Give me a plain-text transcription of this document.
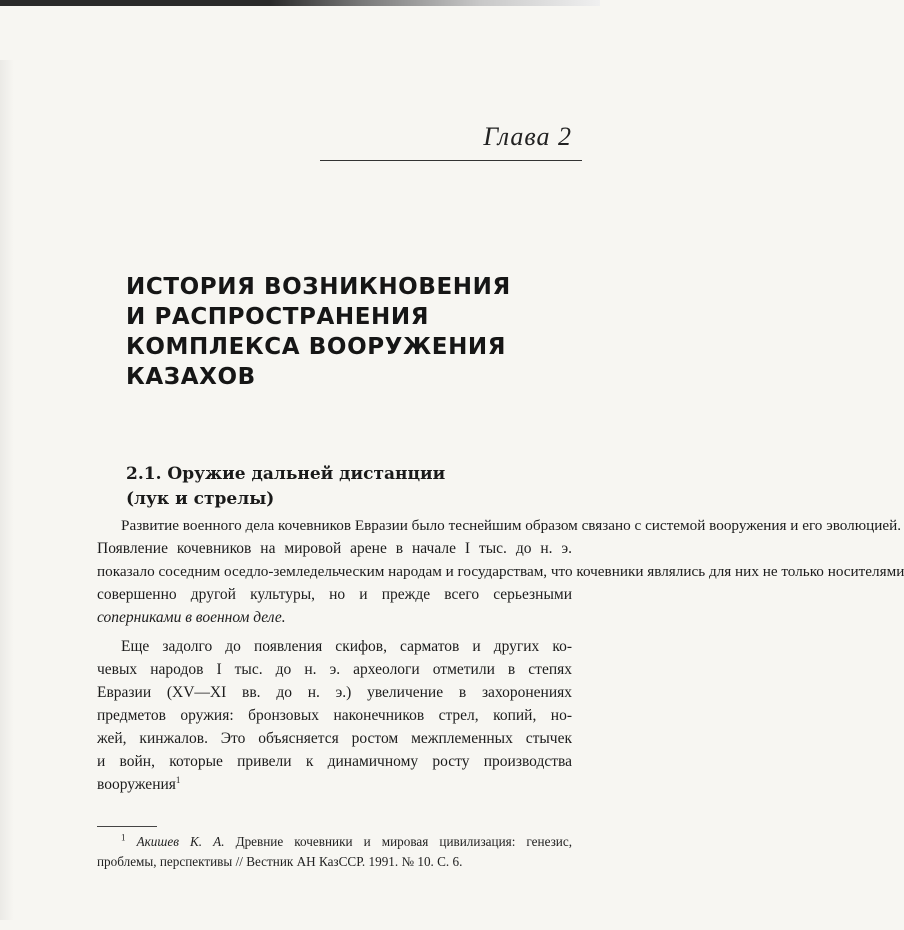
Глава 2
ИСТОРИЯ ВОЗНИКНОВЕНИЯ
И РАСПРОСТРАНЕНИЯ
КОМПЛЕКСА ВООРУЖЕНИЯ
КАЗАХОВ
2.1. Оружие дальней дистанции
(лук и стрелы)
Развитие военного дела кочевников Евразии было теснейшим образом связано с системой вооружения и его эволюцией.
Появление кочевников на мировой арене в начале I тыс. до н. э.
показало соседним оседло-земледельческим народам и государствам, что кочевники являлись для них не только носителями
совершенно другой культуры, но и прежде всего серьезными
соперниками в военном деле.
Еще задолго до появления скифов, сарматов и других ко-
чевых народов I тыс. до н. э. археологи отметили в степях
Евразии (XV—XI вв. до н. э.) увеличение в захоронениях
предметов оружия: бронзовых наконечников стрел, копий, но-
жей, кинжалов. Это объясняется ростом межплеменных стычек
и войн, которые привели к динамичному росту производства
вооружения$^1$
$^1$ Акишев К. А. Древние кочевники и мировая цивилизация: генезис,
проблемы, перспективы // Вестник АН КазССР. 1991. № 10. С. 6.
